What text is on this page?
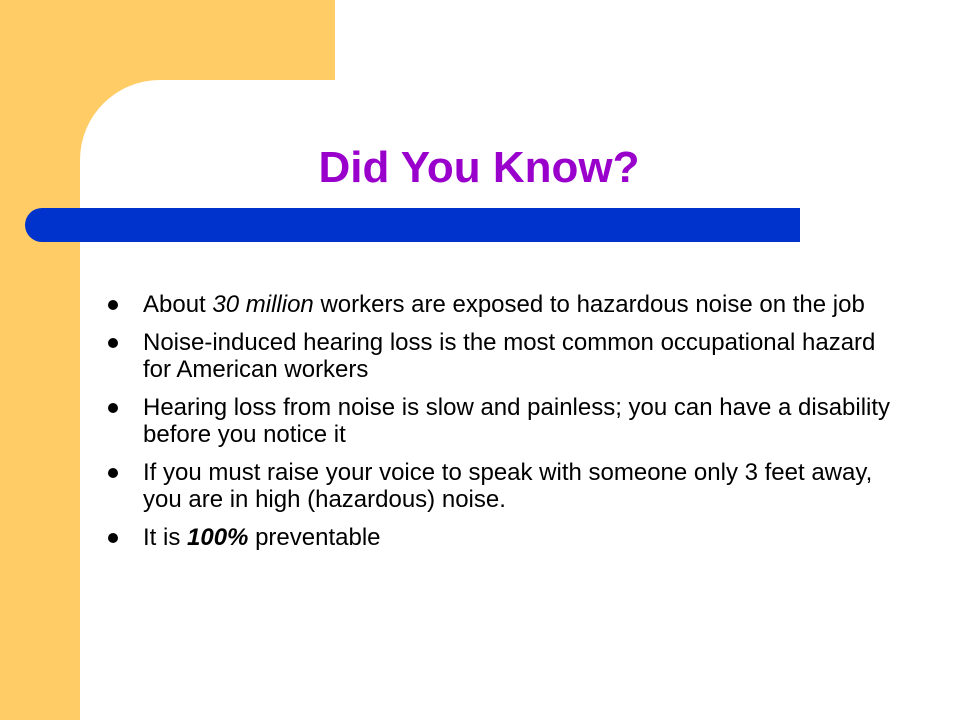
Did You Know?
About 30 million workers are exposed to hazardous noise on the job
Noise-induced hearing loss is the most common occupational hazard for American workers
Hearing loss from noise is slow and painless; you can have a disability before you notice it
If you must raise your voice to speak with someone only 3 feet away, you are in high (hazardous) noise.
It is 100% preventable
